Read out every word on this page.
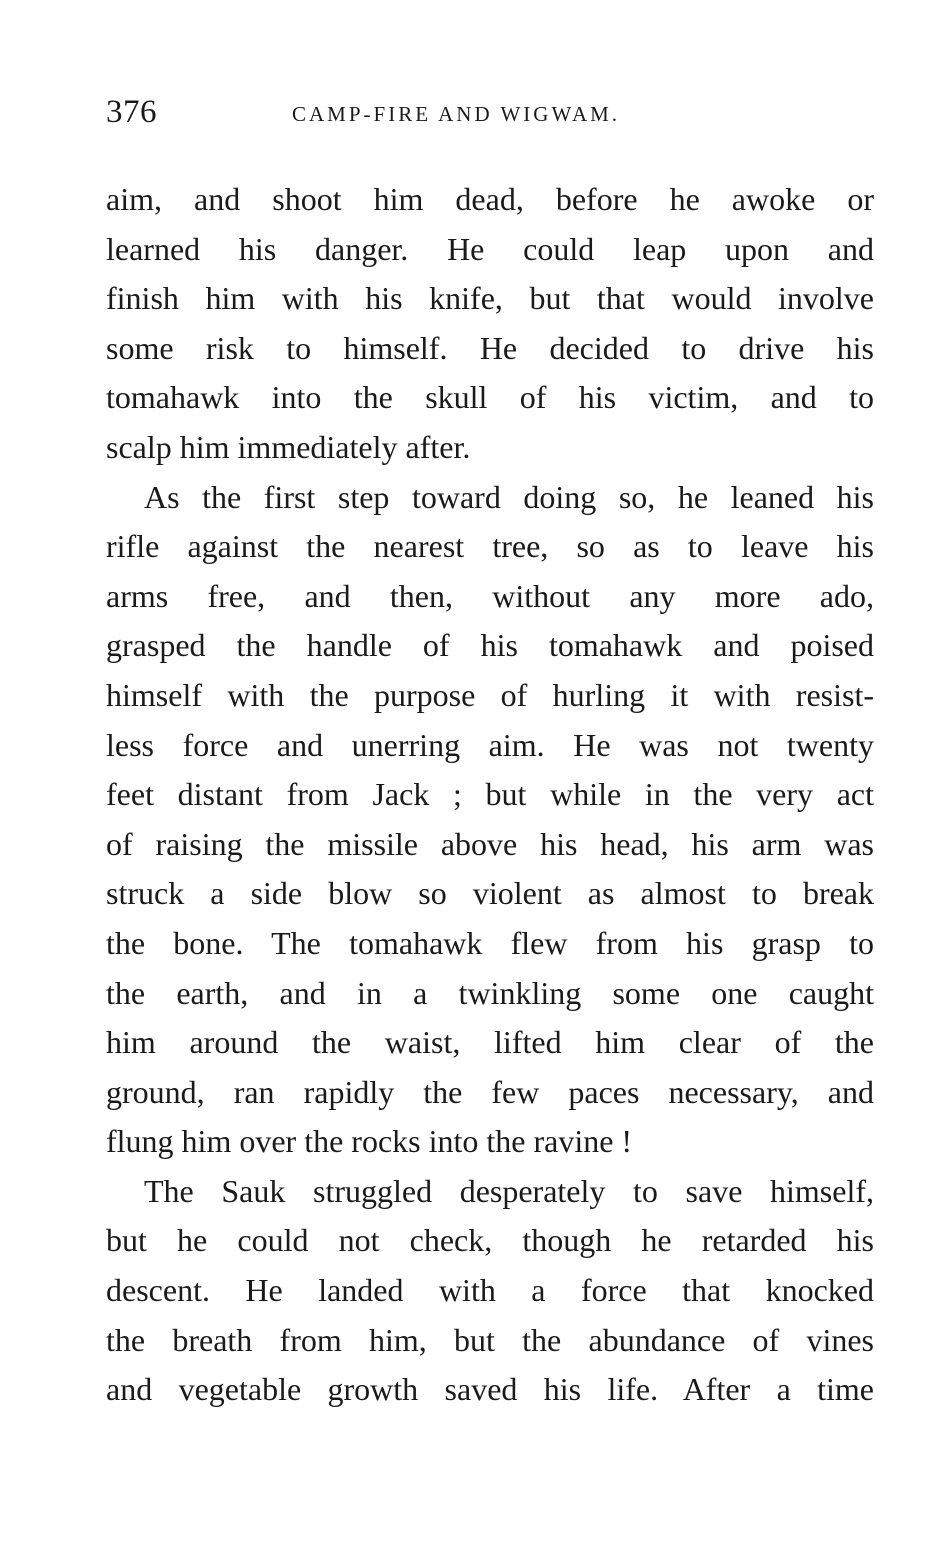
376	CAMP-FIRE AND WIGWAM.
aim, and shoot him dead, before he awoke or
learned his danger. He could leap upon and
finish him with his knife, but that would involve
some risk to himself. He decided to drive his
tomahawk into the skull of his victim, and to
scalp him immediately after.
As the first step toward doing so, he leaned his
rifle against the nearest tree, so as to leave his
arms free, and then, without any more ado,
grasped the handle of his tomahawk and poised
himself with the purpose of hurling it with resist-
less force and unerring aim. He was not twenty
feet distant from Jack ; but while in the very act
of raising the missile above his head, his arm was
struck a side blow so violent as almost to break
the bone. The tomahawk flew from his grasp to
the earth, and in a twinkling some one caught
him around the waist, lifted him clear of the
ground, ran rapidly the few paces necessary, and
flung him over the rocks into the ravine !
The Sauk struggled desperately to save himself,
but he could not check, though he retarded his
descent. He landed with a force that knocked
the breath from him, but the abundance of vines
and vegetable growth saved his life. After a time
